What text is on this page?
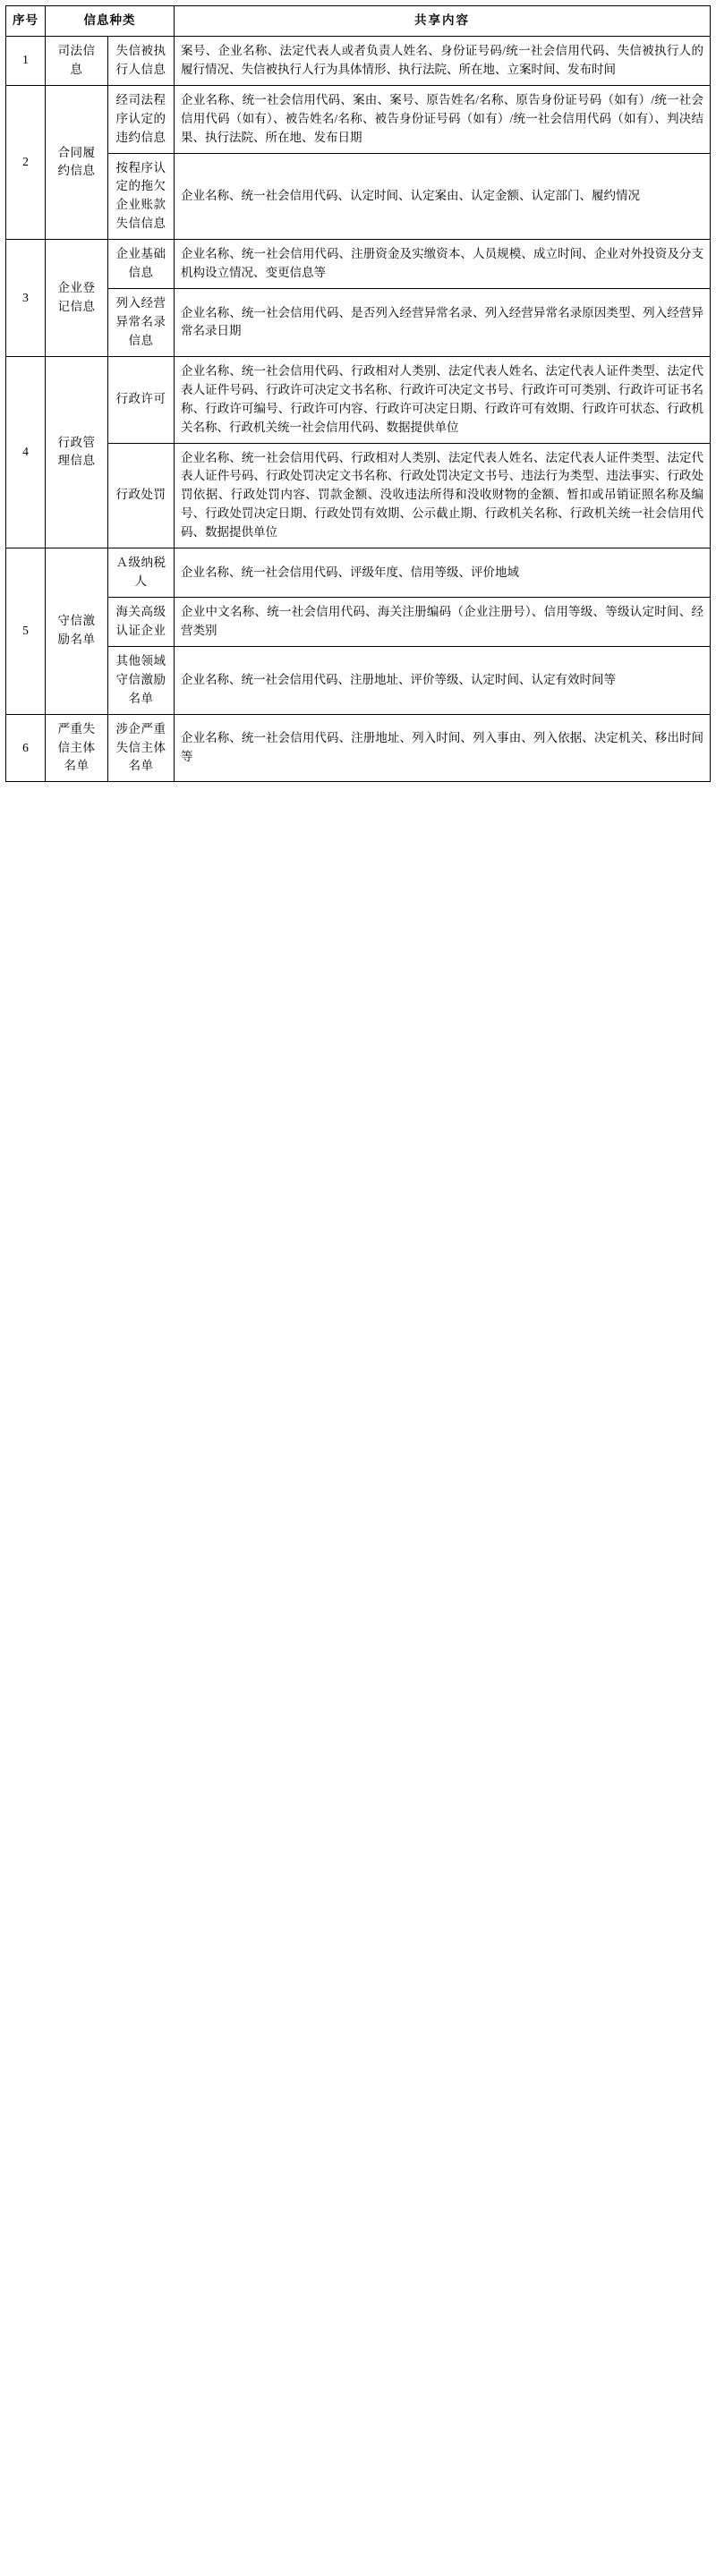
序号	信息种类		共享内容
1	司法信息	失信被执行人信息	案号、企业名称、法定代表人或者负责人姓名、身份证号码/统一社会信用代码、失信被执行人的履行情况、失信被执行人行为具体情形、执行法院、所在地、立案时间、发布时间
2	合同履约信息	经司法程序认定的违约信息	企业名称、统一社会信用代码、案由、案号、原告姓名/名称、原告身份证号码（如有）/统一社会信用代码（如有）、被告姓名/名称、被告身份证号码（如有）/统一社会信用代码（如有）、判决结果、执行法院、所在地、发布日期
		按程序认定的拖欠企业账款失信信息	企业名称、统一社会信用代码、认定时间、认定案由、认定金额、认定部门、履约情况
3	企业登记信息	企业基础信息	企业名称、统一社会信用代码、注册资金及实缴资本、人员规模、成立时间、企业对外投资及分支机构设立情况、变更信息等
		列入经营异常名录信息	企业名称、统一社会信用代码、是否列入经营异常名录、列入经营异常名录原因类型、列入经营异常名录日期
4	行政管理信息	行政许可	企业名称、统一社会信用代码、行政相对人类别、法定代表人姓名、法定代表人证件类型、法定代表人证件号码、行政许可决定文书名称、行政许可决定文书号、行政许可可类别、行政许可证书名称、行政许可编号、行政许可内容、行政许可决定日期、行政许可有效期、行政许可状态、行政机关名称、行政机关统一社会信用代码、数据提供单位
		行政处罚	企业名称、统一社会信用代码、行政相对人类别、法定代表人姓名、法定代表人证件类型、法定代表人证件号码、行政处罚决定文书名称、行政处罚决定文书号、违法行为类型、违法事实、行政处罚依据、行政处罚内容、罚款金额、没收违法所得和没收财物的金额、暂扣或吊销证照名称及编号、行政处罚决定日期、行政处罚有效期、公示截止期、行政机关名称、行政机关统一社会信用代码、数据提供单位
5	守信激励名单	Ａ级纳税人	企业名称、统一社会信用代码、评级年度、信用等级、评价地域
		海关高级认证企业	企业中文名称、统一社会信用代码、海关注册编码（企业注册号）、信用等级、等级认定时间、经营类别
		其他领域守信激励名单	企业名称、统一社会信用代码、注册地址、评价等级、认定时间、认定有效时间等
6	严重失信主体名单	涉企严重失信主体名单	企业名称、统一社会信用代码、注册地址、列入时间、列入事由、列入依据、决定机关、移出时间等
